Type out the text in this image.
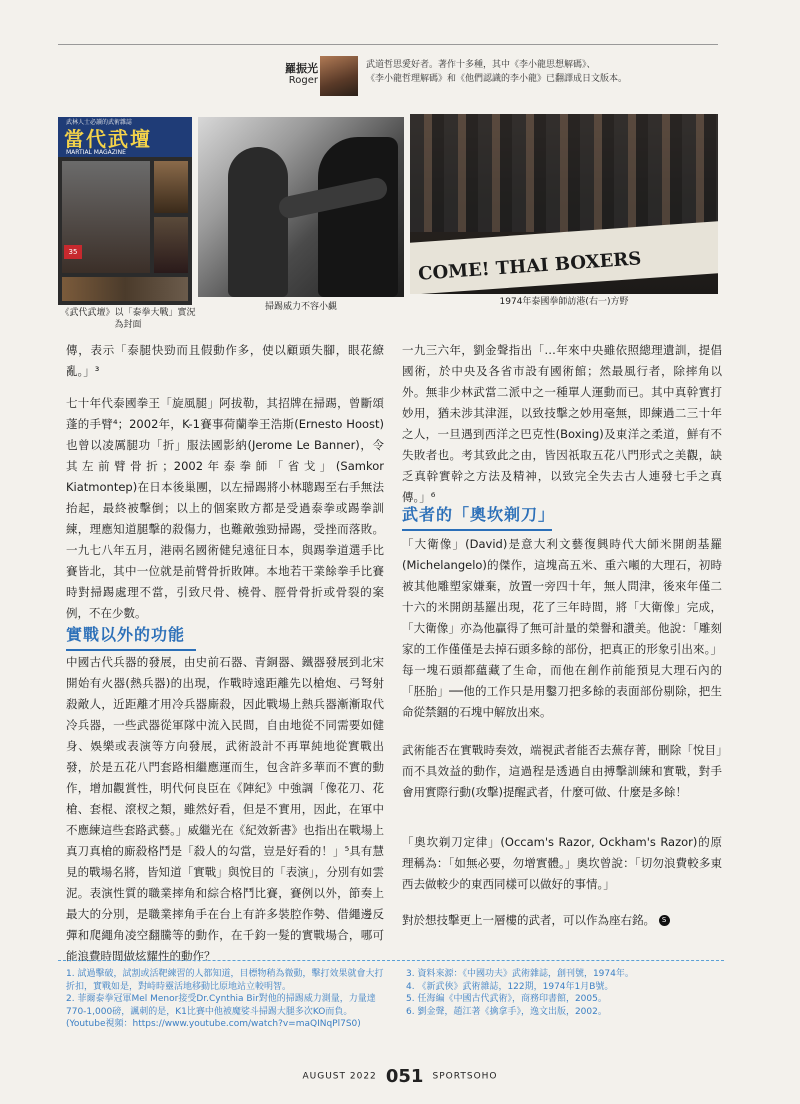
羅振光
Roger
武道哲思愛好者。著作十多種，其中《李小龍思想解碼》、
《李小龍哲理解碼》和《他們認識的李小龍》已翻譯成日文版本。
武林人士必讀的武術雜誌
當代武壇
MARTIAL MAGAZINE
35	COME! THAI BOXERS
《武代武壇》以「泰拳大戰」實況為封面
掃踢威力不容小覷	1974年泰國拳師訪港(右一)方野
傳，表示「泰腿快勁而且假動作多，使以顧頭失腳，眼花繚亂。」³
七十年代泰國拳王「旋風腿」阿拔勒，其招牌在掃踢，曾斷頌蓬的手臂⁴；2002年，K-1賽事荷蘭拳王浩斯(Ernesto Hoost)也曾以凌厲腿功「折」服法國影納(Jerome Le Banner)，令其左前臂骨折；2002年泰拳師「省戈」(Samkor Kiatmontep)在日本後巢團，以左掃踢將小林聰踢至右手無法抬起，最終被擊倒；以上的個案敗方都是受過泰拳或踢拳訓練，理應知道腿擊的殺傷力，也難敵強勁掃踢，受挫而落敗。一九七八年五月，港兩名國術健兒遠征日本，與踢拳道選手比賽皆北，其中一位就是前臂骨折敗陣。本地若干業餘拳手比賽時對掃踢處理不當，引致尺骨、橈骨、脛骨骨折或骨裂的案例，不在少數。
實戰以外的功能
中國古代兵器的發展，由史前石器、青銅器、鐵器發展到北宋開始有火器(熱兵器)的出現，作戰時遠距離先以槍炮、弓弩射殺敵人，近距離才用冷兵器廝殺，因此戰場上熱兵器漸漸取代冷兵器，一些武器從軍隊中流入民間，自由地從不同需要如健身、娛樂或表演等方向發展，武術設計不再單純地從實戰出發，於是五花八門套路相繼應運而生，包含許多華而不實的動作，增加觀賞性，明代何良臣在《陣紀》中強調「像花刀、花槍、套棍、滾杈之類，雖然好看，但是不實用，因此，在軍中不應練這些套路武藝。」威繼光在《紀效新書》也指出在戰場上真刀真槍的廝殺格鬥是「殺人的勾當，豈是好看的！」⁵具有慧見的戰場名將，皆知道「實戰」與悅目的「表演」，分別有如雲泥。表演性質的職業摔角和綜合格鬥比賽，賽例以外，節奏上最大的分別，是職業摔角手在台上有許多裝腔作勢、借繩邊反彈和爬繩角凌空翻騰等的動作，在千鈞一髮的實戰場合，哪可能浪費時間做炫耀性的動作？
一九三六年，劉金聲指出「…年來中央雖依照總理遺訓，提倡國術，於中央及各省市設有國術館；然最風行者，除摔角以外。無非少林武當二派中之一種單人運動而已。其中真幹實打妙用，猶未涉其津涯，以致技擊之妙用毫無，即練過二三十年之人，一旦遇到西洋之巴克性(Boxing)及東洋之柔道，鮮有不失敗者也。考其致此之由，皆因祇取五花八門形式之美觀，缺乏真幹實幹之方法及精神，以致完全失去古人連發七手之真傳。」⁶
武者的「奧坎剃刀」
「大衛像」(David)是意大利文藝復興時代大師米開朗基羅(Michelangelo)的傑作，這塊高五米、重六噸的大理石，初時被其他雕塑家嫌棄，放置一旁四十年，無人問津，後來年僅二十六的米開朗基羅出現，花了三年時間，將「大衛像」完成，「大衛像」亦為他贏得了無可計量的榮譽和讚美。他說：「雕刻家的工作僅僅是去掉石頭多餘的部份，把真正的形象引出來。」每一塊石頭都蘊藏了生命，而他在創作前能預見大理石內的「胚胎」──他的工作只是用鑿刀把多餘的表面部份剔除，把生命從禁錮的石塊中解放出來。
武術能否在實戰時奏效，端視武者能否去蕪存菁，刪除「悅目」而不具效益的動作，這過程是透過自由搏擊訓練和實戰，對手會用實際行動(攻擊)提醒武者，什麼可做、什麼是多餘！
「奧坎剃刀定律」(Occam's Razor, Ockham's Razor)的原理稱為：「如無必要，勿增實體。」奧坎曾說：「切勿浪費較多東西去做較少的東西同樣可以做好的事情。」
對於想技擊更上一層樓的武者，可以作為座右銘。 S

1. 試過擊破，試割或活靶練習的人都知道，目標物稍為微動，擊打效果就會大打折扣，實戰如是，對峙時靈活地移動比原地站立較明智。

2. 菲爾泰拳冠軍Mel Menor接受Dr.Cynthia Bir對他的掃踢威力測量，力量達770-1,000磅，諷刺的是，K1比賽中他被魔娑斗掃踢大腿多次KO而負。(Youtube視頻：https://www.youtube.com/watch?v=maQINqPl7S0)

3. 資料來源：《中國功夫》武術雜誌，創刊號，1974年。

4. 《新武俠》武術雜誌，122期，1974年1月B號。

5. 任海編《中國古代武術》，商務印書館，2005。

6. 劉金聲，趙江著《擒拿手》，逸文出版，2002。

AUGUST 2022 051 SPORTSOHO
